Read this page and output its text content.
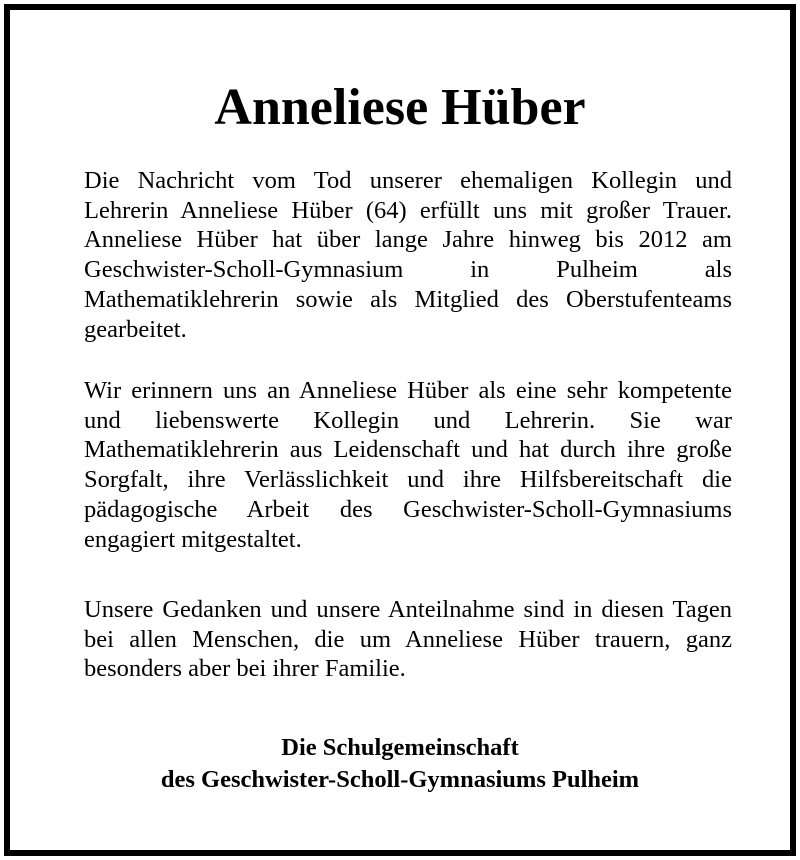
Anneliese Hüber
Die Nachricht vom Tod unserer ehemaligen Kollegin und Lehrerin Anneliese Hüber (64) erfüllt uns mit großer Trauer. Anneliese Hüber hat über lange Jahre hinweg bis 2012 am Geschwister-Scholl-Gymnasium in Pulheim als Mathematiklehrerin sowie als Mitglied des Oberstufenteams gearbeitet.
Wir erinnern uns an Anneliese Hüber als eine sehr kompetente und liebenswerte Kollegin und Lehrerin. Sie war Mathematiklehrerin aus Leidenschaft und hat durch ihre große Sorgfalt, ihre Verlässlichkeit und ihre Hilfsbereitschaft die pädagogische Arbeit des Geschwister-Scholl-Gymnasiums engagiert mitgestaltet.
Unsere Gedanken und unsere Anteilnahme sind in diesen Tagen bei allen Menschen, die um Anneliese Hüber trauern, ganz besonders aber bei ihrer Familie.
Die Schulgemeinschaft
des Geschwister-Scholl-Gymnasiums Pulheim
